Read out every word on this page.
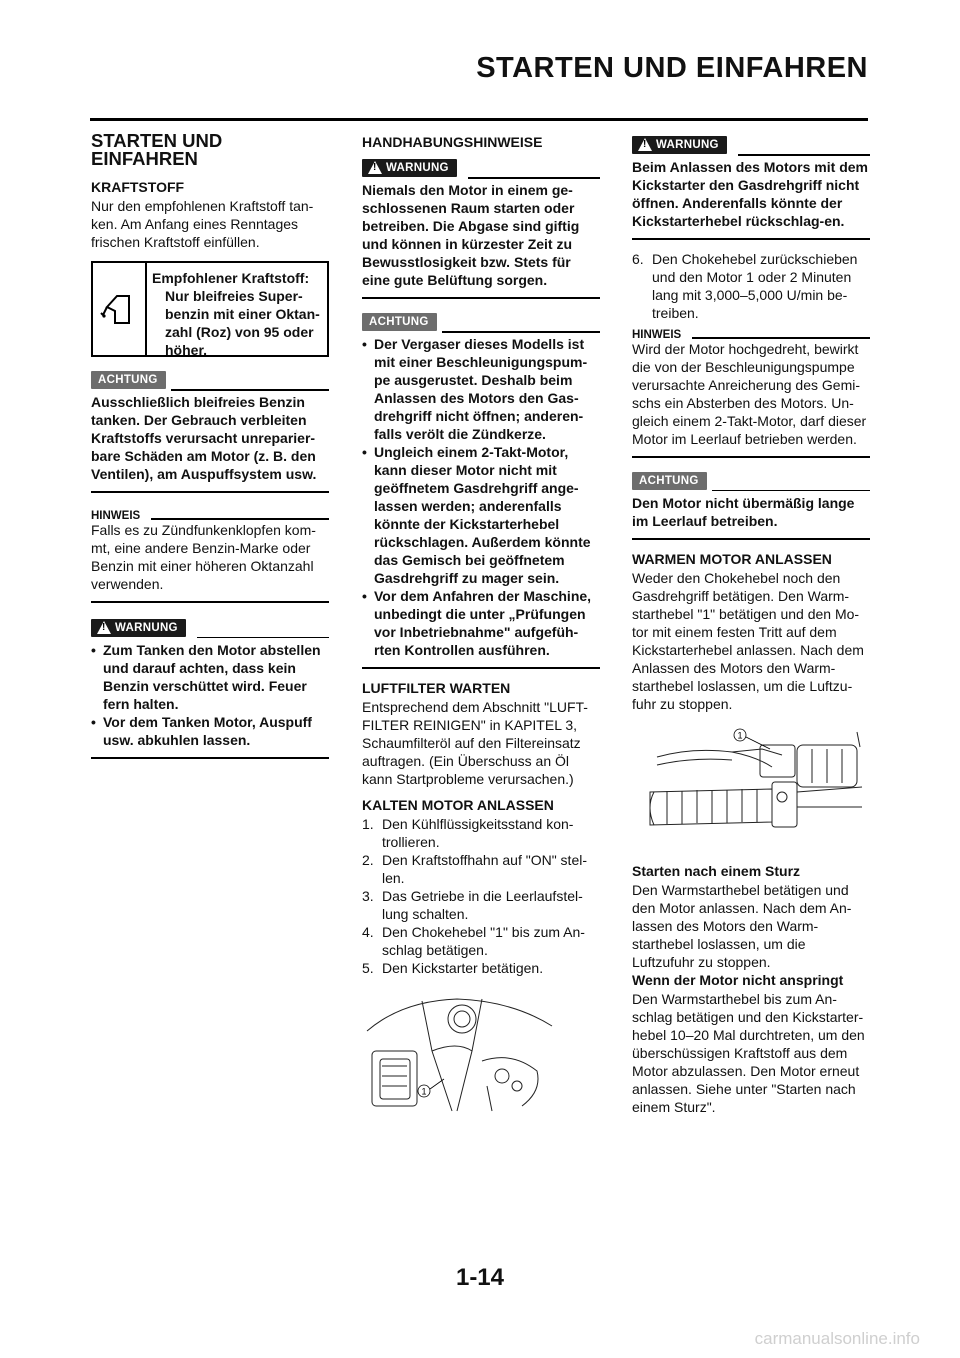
STARTEN UND EINFAHREN
STARTEN UND EINFAHREN
KRAFTSTOFF

Nur den empfohlenen Kraftstoff tan-ken. Am Anfang eines Renntages frischen Kraftstoff einfüllen.

Empfohlener Kraftstoff:
Nur bleifreies Super-
benzin mit einer Oktan-
zahl (Roz) von 95 oder
höher.
ACHTUNG

Ausschließlich bleifreies Benzin tanken. Der Gebrauch verbleiten Kraftstoffs verursacht unreparier-bare Schäden am Motor (z. B. den Ventilen), am Auspuffsystem usw.

HINWEIS

Falls es zu Zündfunkenklopfen kom-mt, eine andere Benzin-Marke oder Benzin mit einer höheren Oktanzahl verwenden.

!
WARNUNG
• Zum Tanken den Motor abstellen und darauf achten, dass kein Benzin verschüttet wird. Feuer fern halten.
• Vor dem Tanken Motor, Auspuff usw. abkuhlen lassen.
HANDHABUNGSHINWEISE
!
WARNUNG

Niemals den Motor in einem ge-schlossenen Raum starten oder betreiben. Die Abgase sind giftig und können in kürzester Zeit zu Bewusstlosigkeit bzw. Stets für eine gute Belüftung sorgen.

ACHTUNG
• Der Vergaser dieses Modells ist mit einer Beschleunigungspum-pe ausgerustet. Deshalb beim Anlassen des Motors den Gas-drehgriff nicht öffnen; anderen-falls verölt die Zündkerze.
• Ungleich einem 2-Takt-Motor, kann dieser Motor nicht mit geöffnetem Gasdrehgriff ange-lassen werden; anderenfalls könnte der Kickstarterhebel rückschlagen. Außerdem könnte das Gemisch bei geöffnetem Gasdrehgriff zu mager sein.
• Vor dem Anfahren der Maschine, unbedingt die unter „Prüfungen vor Inbetriebnahme" aufgefüh-rten Kontrollen ausführen.
LUFTFILTER WARTEN

Entsprechend dem Abschnitt "LUFT-FILTER REINIGEN" in KAPITEL 3, Schaumfilteröl auf den Filtereinsatz auftragen. (Ein Überschuss an Öl kann Startprobleme verursachen.)

KALTEN MOTOR ANLASSEN
1. Den Kühlflüssigkeitsstand kon-trollieren.
2. Den Kraftstoffhahn auf "ON" stel-len.
3. Das Getriebe in die Leerlaufstel-lung schalten.
4. Den Chokehebel "1" bis zum An-schlag betätigen.
5. Den Kickstarter betätigen.
1
!
WARNUNG

Beim Anlassen des Motors mit dem Kickstarter den Gasdrehgriff nicht öffnen. Anderenfalls könnte der Kickstarterhebel rückschlag-en.

6. Den Chokehebel zurückschieben und den Motor 1 oder 2 Minuten lang mit 3,000–5,000 U/min be-treiben.
HINWEIS

Wird der Motor hochgedreht, bewirkt die von der Beschleunigungspumpe verursachte Anreicherung des Gemi-schs ein Absterben des Motors. Un-gleich einem 2-Takt-Motor, darf dieser Motor im Leerlauf betrieben werden.

ACHTUNG

Den Motor nicht übermäßig lange im Leerlauf betreiben.

WARMEN MOTOR ANLASSEN

Weder den Chokehebel noch den Gasdrehgriff betätigen. Den Warm-starthebel "1" betätigen und den Mo-tor mit einem festen Tritt auf dem Kickstarterhebel anlassen. Nach dem Anlassen des Motors den Warm-starthebel loslassen, um die Luftzu-fuhr zu stoppen.

1
Starten nach einem Sturz

Den Warmstarthebel betätigen und den Motor anlassen. Nach dem An-lassen des Motors den Warm-starthebel loslassen, um die Luftzufuhr zu stoppen.

Wenn der Motor nicht anspringt

Den Warmstarthebel bis zum An-schlag betätigen und den Kickstarter-hebel 10–20 Mal durchtreten, um den überschüssigen Kraftstoff aus dem Motor abzulassen. Den Motor erneut anlassen. Siehe unter "Starten nach einem Sturz".

1-14
carmanualsonline.info
